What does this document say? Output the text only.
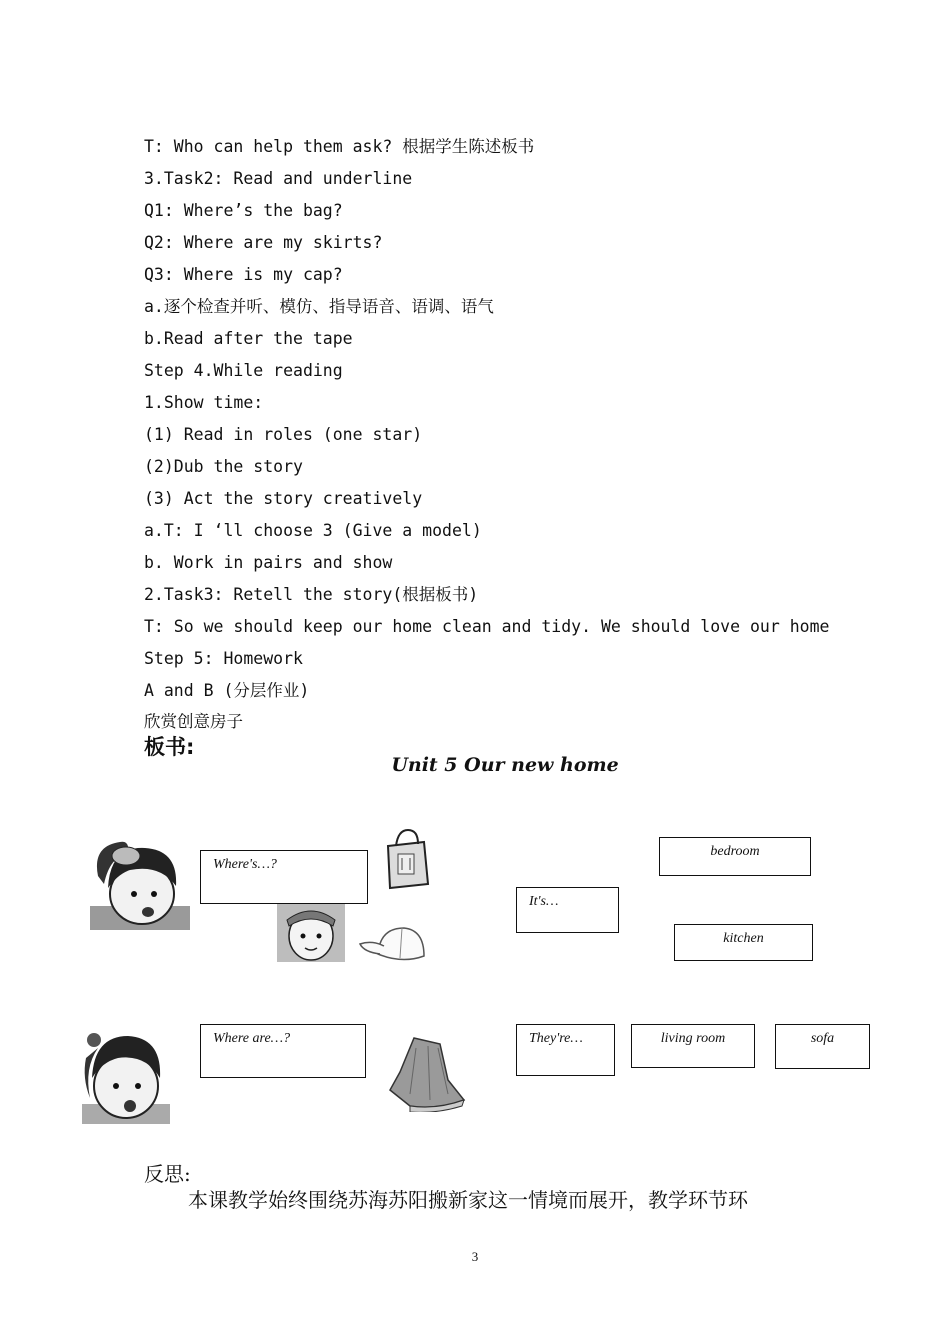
T: Who can help them ask? 根据学生陈述板书
3.Task2: Read and underline
Q1: Where’s the bag?
Q2: Where are my skirts?
Q3: Where is my cap?
a.逐个检查并听、模仿、指导语音、语调、语气
b.Read after the tape
Step 4.While reading
1.Show time:
(1) Read in roles (one star)
(2)Dub the story
(3) Act the story creatively
a.T: I ‘ll choose 3 (Give a model)
b. Work in pairs and show
2.Task3: Retell the story(根据板书)
T: So we should keep our home clean and tidy. We should love our home
Step 5: Homework
A and B (分层作业)
欣赏创意房子
板书:
Unit 5 Our new home
Where's…?
It's…
bedroom
kitchen
Where are…?	They're…	living room	sofa
反思:
本课教学始终围绕苏海苏阳搬新家这一情境而展开，教学环节环
3
